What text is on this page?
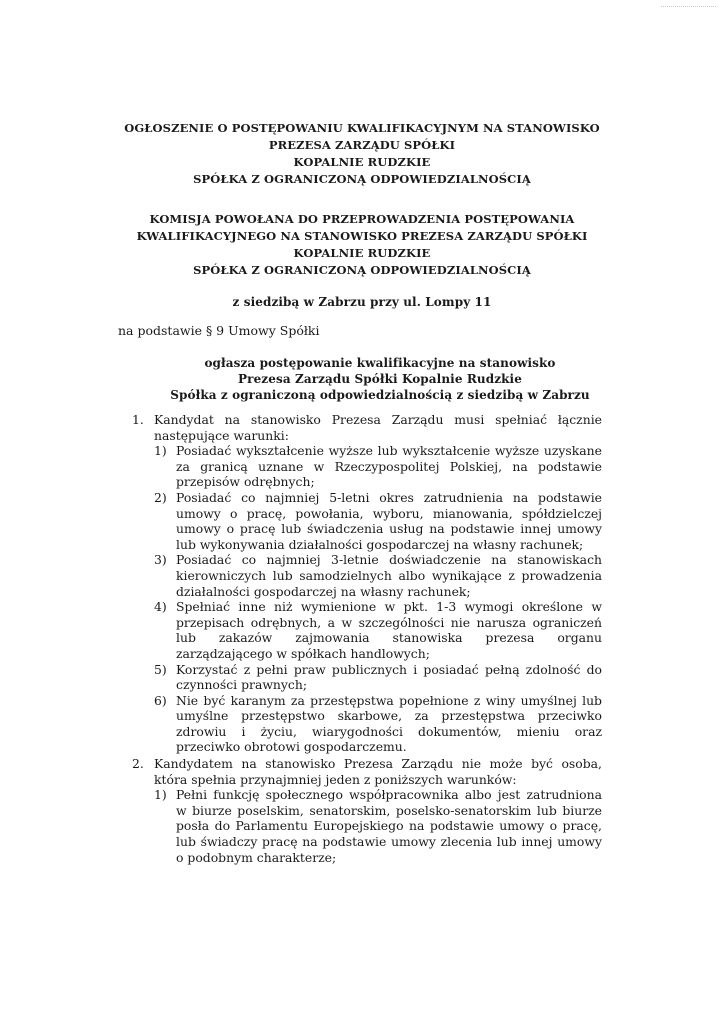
OGŁOSZENIE O POSTĘPOWANIU KWALIFIKACYJNYM NA STANOWISKO
PREZESA ZARZĄDU SPÓŁKI
KOPALNIE RUDZKIE
SPÓŁKA Z OGRANICZONĄ ODPOWIEDZIALNOŚCIĄ
KOMISJA POWOŁANA DO PRZEPROWADZENIA POSTĘPOWANIA
KWALIFIKACYJNEGO NA STANOWISKO PREZESA ZARZĄDU SPÓŁKI
KOPALNIE RUDZKIE
SPÓŁKA Z OGRANICZONĄ ODPOWIEDZIALNOŚCIĄ
z siedzibą w Zabrzu przy ul. Lompy 11
na podstawie § 9 Umowy Spółki
ogłasza postępowanie kwalifikacyjne na stanowisko
Prezesa Zarządu Spółki Kopalnie Rudzkie
Spółka z ograniczoną odpowiedzialnością z siedzibą w Zabrzu
1. Kandydat na stanowisko Prezesa Zarządu musi spełniać łącznie następujące warunki:
1) Posiadać wykształcenie wyższe lub wykształcenie wyższe uzyskane za granicą uznane w Rzeczypospolitej Polskiej, na podstawie przepisów odrębnych;
2) Posiadać co najmniej 5-letni okres zatrudnienia na podstawie umowy o pracę, powołania, wyboru, mianowania, spółdzielczej umowy o pracę lub świadczenia usług na podstawie innej umowy lub wykonywania działalności gospodarczej na własny rachunek;
3) Posiadać co najmniej 3-letnie doświadczenie na stanowiskach kierowniczych lub samodzielnych albo wynikające z prowadzenia działalności gospodarczej na własny rachunek;
4) Spełniać inne niż wymienione w pkt. 1-3 wymogi określone w przepisach odrębnych, a w szczególności nie narusza ograniczeń lub zakazów zajmowania stanowiska prezesa organu zarządzającego w spółkach handlowych;
5) Korzystać z pełni praw publicznych i posiadać pełną zdolność do czynności prawnych;
6) Nie być karanym za przestępstwa popełnione z winy umyślnej lub umyślne przestępstwo skarbowe, za przestępstwa przeciwko zdrowiu i życiu, wiarygodności dokumentów, mieniu oraz przeciwko obrotowi gospodarczemu.
2. Kandydatem na stanowisko Prezesa Zarządu nie może być osoba, która spełnia przynajmniej jeden z poniższych warunków:
1) Pełni funkcję społecznego współpracownika albo jest zatrudniona w biurze poselskim, senatorskim, poselsko-senatorskim lub biurze posła do Parlamentu Europejskiego na podstawie umowy o pracę, lub świadczy pracę na podstawie umowy zlecenia lub innej umowy o podobnym charakterze;
